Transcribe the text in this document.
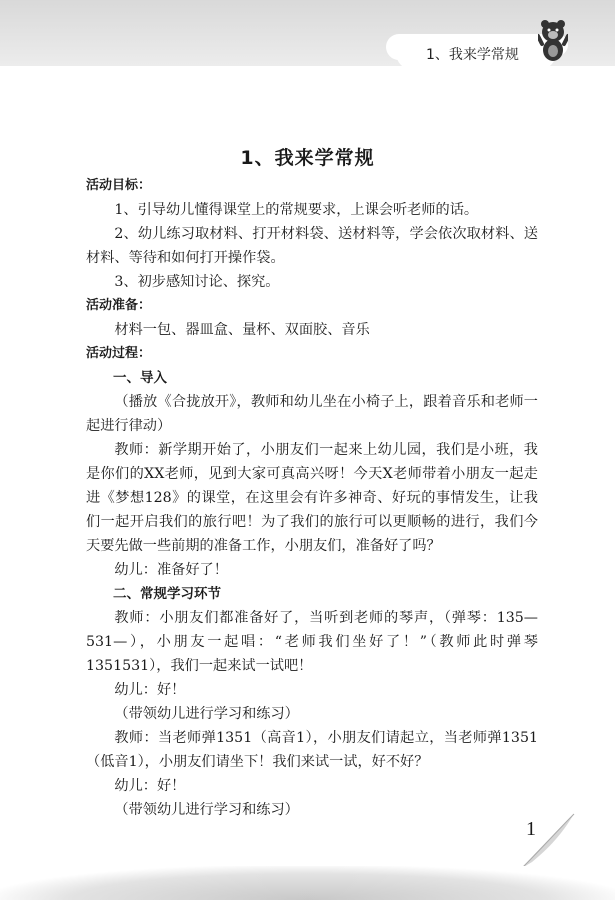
1、我来学常规
1、我来学常规

活动目标：

1、引导幼儿懂得课堂上的常规要求，上课会听老师的话。

2、幼儿练习取材料、打开材料袋、送材料等，学会依次取材料、送材料、等待和如何打开操作袋。

3、初步感知讨论、探究。

活动准备：

材料一包、器皿盒、量杯、双面胶、音乐

活动过程：

一、导入

（播放《合拢放开》，教师和幼儿坐在小椅子上，跟着音乐和老师一起进行律动）

教师：新学期开始了，小朋友们一起来上幼儿园，我们是小班，我是你们的XX老师，见到大家可真高兴呀！今天X老师带着小朋友一起走进《梦想128》的课堂，在这里会有许多神奇、好玩的事情发生，让我们一起开启我们的旅行吧！为了我们的旅行可以更顺畅的进行，我们今天要先做一些前期的准备工作，小朋友们，准备好了吗？

幼儿：准备好了！

二、常规学习环节

教师：小朋友们都准备好了，当听到老师的琴声，（弹琴：135—531—），小朋友一起唱：“老师我们坐好了！”（教师此时弹琴1351531），我们一起来试一试吧！

幼儿：好！

（带领幼儿进行学习和练习）

教师：当老师弹1351（高音1），小朋友们请起立，当老师弹1351（低音1），小朋友们请坐下！我们来试一试，好不好？

幼儿：好！

（带领幼儿进行学习和练习）

1
